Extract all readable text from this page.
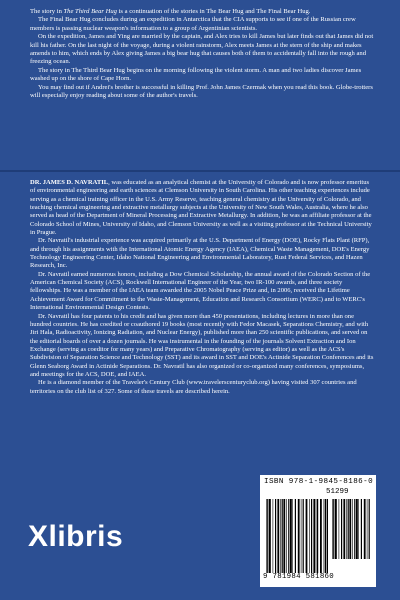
The story in The Third Bear Hug is a continuation of the stories in The Bear Hug and The Final Bear Hug.

The Final Bear Hug concludes during an expedition in Antarctica that the CIA supports to see if one of the Russian crew members is passing nuclear weapon's information to a group of Argentinian scientists.

On the expedition, James and Ying are married by the captain, and Alex tries to kill James but later finds out that James did not kill his father. On the last night of the voyage, during a violent rainstorm, Alex meets James at the stern of the ship and makes amends to him, which ends by Alex giving James a big bear hug that causes both of them to accidentally fall into the rough and freezing ocean.

The story in The Third Bear Hug begins on the morning following the violent storm. A man and two ladies discover James washed up on the shore of Cape Horn.

You may find out if Andrei's brother is successful in killing Prof. John James Czermak when you read this book. Globe-trotters will especially enjoy reading about some of the author's travels.

DR. JAMES D. NAVRATIL, was educated as an analytical chemist at the University of Colorado and is now professor emeritus of environmental engineering and earth sciences at Clemson University in South Carolina. His other teaching experiences include serving as a chemical training officer in the U.S. Army Reserve, teaching general chemistry at the University of Colorado, and teaching chemical engineering and extractive metallurgy subjects at the University of New South Wales, Australia, where he also served as head of the Department of Mineral Processing and Extractive Metallurgy. In addition, he was an affiliate professor at the Colorado School of Mines, University of Idaho, and Clemson University as well as a visiting professor at the Technical University in Prague.

Dr. Navratil's industrial experience was acquired primarily at the U.S. Department of Energy (DOE), Rocky Flats Plant (RFP), and through his assignments with the International Atomic Energy Agency (IAEA), Chemical Waste Management, DOE's Energy Technology Engineering Center, Idaho National Engineering and Environmental Laboratory, Rust Federal Services, and Hazen Research, Inc.

Dr. Navratil earned numerous honors, including a Dow Chemical Scholarship, the annual award of the Colorado Section of the American Chemical Society (ACS), Rockwell International Engineer of the Year, two IR-100 awards, and three society fellowships. He was a member of the IAEA team awarded the 2005 Nobel Peace Prize and, in 2006, received the Lifetime Achievement Award for Commitment to the Waste-Management, Education and Research Consortium (WERC) and to WERC's International Environmental Design Contests.

Dr. Navratil has four patents to his credit and has given more than 450 presentations, including lectures in more than one hundred countries. He has coedited or coauthored 19 books (most recently with Fedor Macasek, Separations Chemistry, and with Jiri Hala, Radioactivity, Ionizing Radiation, and Nuclear Energy), published more than 250 scientific publications, and served on the editorial boards of over a dozen journals. He was instrumental in the founding of the journals Solvent Extraction and Ion Exchange (serving as coeditor for many years) and Preparative Chromatography (serving as editor) as well as the ACS's Subdivision of Separation Science and Technology (SST) and its award in SST and DOE's Actinide Separation Conferences and its Glenn Seaborg Award in Actinide Separations. Dr. Navratil has also organized or co-organized many conferences, symposiums, and meetings for the ACS, DOE, and IAEA.

He is a diamond member of the Traveler's Century Club (www.travelerscenturyclub.org) having visited 307 countries and territories on the club list of 327. Some of these travels are described herein.

Xlibris
ISBN 978-1-9845-8186-0
51299
9 781984 581860
